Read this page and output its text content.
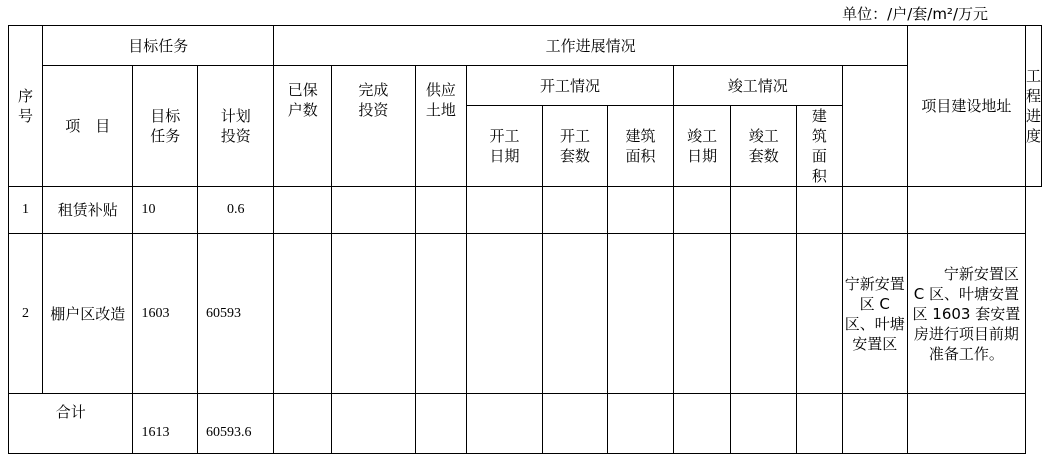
单位：/户/套/m²/万元
序号	目标任务			工作进展情况										项目建设地址	工程进度
	项　目	目标任务	计划投资	已保户数	完成投资	供应土地	开工情况			竣工情况					
							开工日期	开工套数	建筑面积	竣工日期	竣工套数	建筑面积			
1	租赁补贴	10	0.6												
2	棚户区改造	1603	60593										宁新安置区 C 区、叶塘安置区	宁新安置区 C 区、叶塘安置区 1603 套安置房进行项目前期准备工作。	

合计		1613	60593.6												
